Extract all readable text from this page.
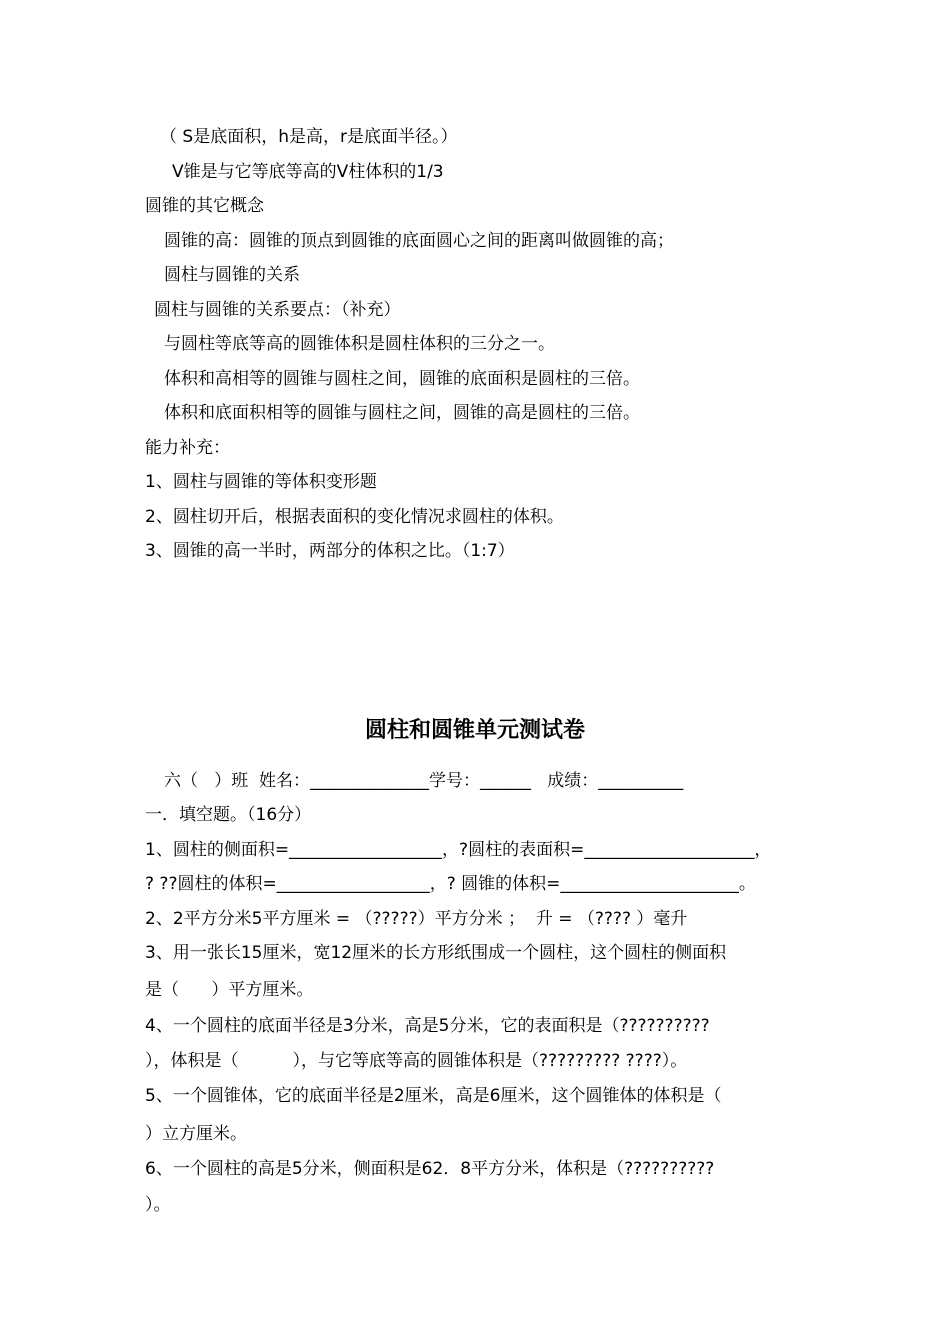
（ S是底面积，h是高，r是底面半径。）
V锥是与它等底等高的V柱体积的1/3
圆锥的其它概念
圆锥的高：圆锥的顶点到圆锥的底面圆心之间的距离叫做圆锥的高；
圆柱与圆锥的关系
圆柱与圆锥的关系要点：（补充）
与圆柱等底等高的圆锥体积是圆柱体积的三分之一。
体积和高相等的圆锥与圆柱之间，圆锥的底面积是圆柱的三倍。
体积和底面积相等的圆锥与圆柱之间，圆锥的高是圆柱的三倍。
能力补充：
1、圆柱与圆锥的等体积变形题
2、圆柱切开后，根据表面积的变化情况求圆柱的体积。
3、圆锥的高一半时，两部分的体积之比。（1:7）
圆柱和圆锥单元测试卷
六（   ）班  姓名：______________学号：______   成绩：__________
一．填空题。（16分）
1、圆柱的侧面积=__________________，?圆柱的表面积=____________________，
? ??圆柱的体积=__________________，? 圆锥的体积=_____________________。
2、2平方分米5平方厘米 = （?????）平方分米 ；  升 = （???? ）毫升
3、用一张长15厘米，宽12厘米的长方形纸围成一个圆柱，这个圆柱的侧面积
是（      ）平方厘米。
4、一个圆柱的底面半径是3分米，高是5分米，它的表面积是（??????????
），体积是（          ），与它等底等高的圆锥体积是（????????? ????）。
5、一个圆锥体，它的底面半径是2厘米，高是6厘米，这个圆锥体的体积是（
）立方厘米。
6、一个圆柱的高是5分米，侧面积是62．8平方分米，体积是（??????????
）。
